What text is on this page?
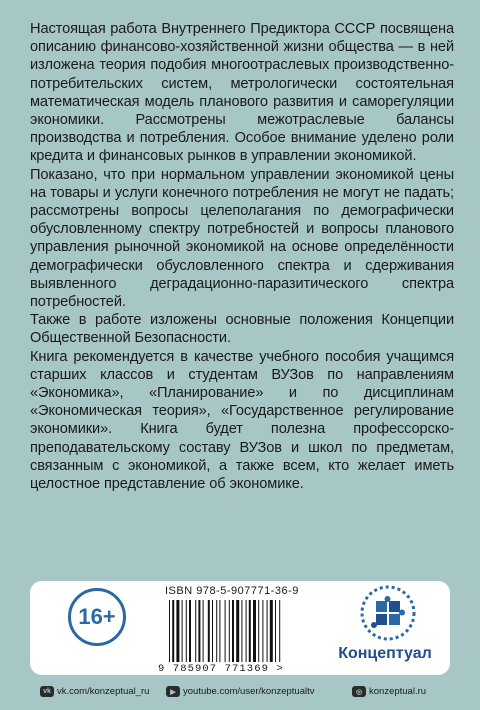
Настоящая работа Внутреннего Предиктора СССР посвящена описанию финансово-хозяйственной жизни общества — в ней изложена теория подобия многоотраслевых производственно-потребительских систем, метрологически состоятельная математическая модель планового развития и саморегуляции экономики. Рассмотрены межотраслевые балансы производства и потребления. Особое внимание уделено роли кредита и финансовых рынков в управлении экономикой.

Показано, что при нормальном управлении экономикой цены на товары и услуги конечного потребления не могут не падать; рассмотрены вопросы целеполагания по демографически обусловленному спектру потребностей и вопросы планового управления рыночной экономикой на основе определённости демографически обусловленного спектра и сдерживания выявленного деградационно-паразитического спектра потребностей.

Также в работе изложены основные положения Концепции Общественной Безопасности.

Книга рекомендуется в качестве учебного пособия учащимся старших классов и студентам ВУЗов по направлениям «Экономика», «Планирование» и по дисциплинам «Экономическая теория», «Государственное регулирование экономики». Книга будет полезна профессорско-преподавательскому составу ВУЗов и школ по предметам, связанным с экономикой, а также всем, кто желает иметь целостное представление об экономике.

16+
ISBN 978-5-907771-36-9
9 785907 771369 >
Концептуал
vk vk.com/konzeptual_ru	▶ youtube.com/user/konzeptualtv	◎ konzeptual.ru
